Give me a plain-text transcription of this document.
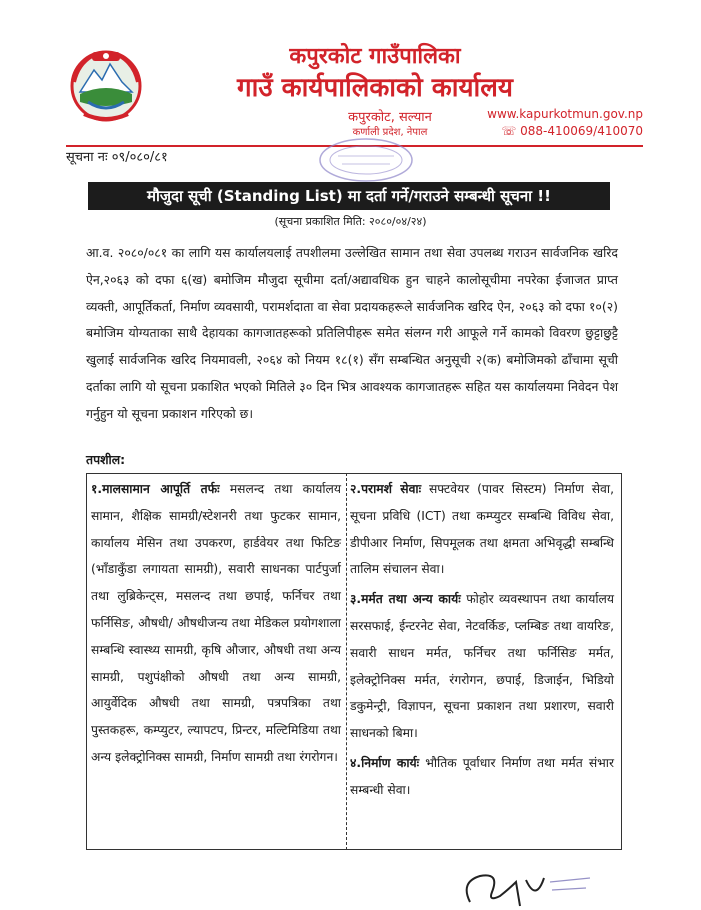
कपुरकोट गाउँपालिका
गाउँ कार्यपालिकाको कार्यालय
कपुरकोट, सल्यान
कर्णाली प्रदेश, नेपाल
www.kapurkotmun.gov.np
☏ 088-410069/410070
सूचना नः ०९/०८०/८१
मौजुदा सूची (Standing List) मा दर्ता गर्ने/गराउने सम्बन्धी सूचना !!
(सूचना प्रकाशित मिति: २०८०/०४/२४)

आ.व. २०८०/०८१ का लागि यस कार्यालयलाई तपशीलमा उल्लेखित सामान तथा सेवा उपलब्ध गराउन सार्वजनिक खरिद ऐन,२०६३ को दफा ६(ख) बमोजिम मौजुदा सूचीमा दर्ता/अद्यावधिक हुन चाहने कालोसूचीमा नपरेका ईजाजत प्राप्त व्यक्ती, आपूर्तिकर्ता, निर्माण व्यवसायी, परामर्शदाता वा सेवा प्रदायकहरूले सार्वजनिक खरिद ऐन, २०६३ को दफा १०(२) बमोजिम योग्यताका साथै देहायका कागजातहरूको प्रतिलिपीहरू समेत संलग्न गरी आफूले गर्ने कामको विवरण छुट्टाछुट्टै खुलाई सार्वजनिक खरिद नियमावली, २०६४ को नियम १८(१) सँग सम्बन्धित अनुसूची २(क) बमोजिमको ढाँचामा सूची दर्ताका लागि यो सूचना प्रकाशित भएको मितिले ३० दिन भित्र आवश्यक कागजातहरू सहित यस कार्यालयमा निवेदन पेश गर्नुहुन यो सूचना प्रकाशन गरिएको छ।

तपशील:

१.मालसामान आपूर्ति तर्फः मसलन्द तथा कार्यालय सामान, शैक्षिक सामग्री/स्टेशनरी तथा फुटकर सामान, कार्यालय मेसिन तथा उपकरण, हार्डवेयर तथा फिटिङ (भाँडाकुँडा लगायता सामग्री), सवारी साधनका पार्टपुर्जा तथा लुब्रिकेन्ट्स, मसलन्द तथा छपाई, फर्निचर तथा फर्निसिङ, औषधी/ औषधीजन्य तथा मेडिकल प्रयोगशाला सम्बन्धि स्वास्थ्य सामग्री, कृषि औजार, औषधी तथा अन्य सामग्री, पशुपंक्षीको औषधी तथा अन्य सामग्री, आयुर्वेदिक औषधी तथा सामग्री, पत्रपत्रिका तथा पुस्तकहरू, कम्प्युटर, ल्यापटप, प्रिन्टर, मल्टिमिडिया तथा अन्य इलेक्ट्रोनिक्स सामग्री, निर्माण सामग्री तथा रंगरोगन।

२.परामर्श सेवाः सफ्टवेयर (पावर सिस्टम) निर्माण सेवा, सूचना प्रविधि (ICT) तथा कम्प्युटर सम्बन्धि विविध सेवा, डीपीआर निर्माण, सिपमूलक तथा क्षमता अभिवृद्धी सम्बन्धि तालिम संचालन सेवा।

३.मर्मत तथा अन्य कार्यः फोहोर व्यवस्थापन तथा कार्यालय सरसफाई, ईन्टरनेट सेवा, नेटवर्किङ, प्लम्बिङ तथा वायरिङ, सवारी साधन मर्मत, फर्निचर तथा फर्निसिङ मर्मत, इलेक्ट्रोनिक्स मर्मत, रंगरोगन, छपाई, डिजाईन, भिडियो डकुमेन्ट्री, विज्ञापन, सूचना प्रकाशन तथा प्रशारण, सवारी साधनको बिमा।

४.निर्माण कार्यः भौतिक पूर्वाधार निर्माण तथा मर्मत संभार सम्बन्धी सेवा।
